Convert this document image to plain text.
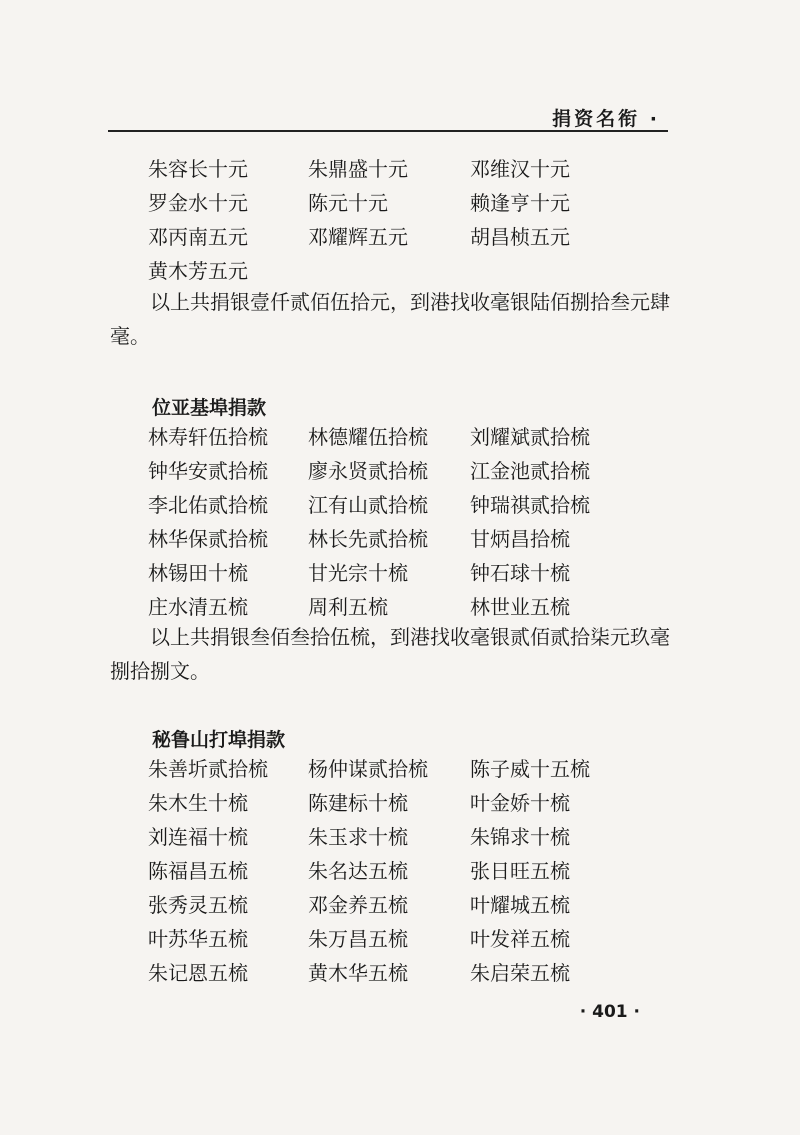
捐资名衔 ·
朱容长十元	朱鼎盛十元	邓维汉十元
罗金水十元	陈元十元	赖逢亨十元
邓丙南五元	邓耀辉五元	胡昌桢五元
黄木芳五元

以上共捐银壹仟贰佰伍拾元，到港找收毫银陆佰捌拾叁元肆毫。

位亚基埠捐款
林寿轩伍拾梳	林德耀伍拾梳	刘耀斌贰拾梳
钟华安贰拾梳	廖永贤贰拾梳	江金池贰拾梳
李北佑贰拾梳	江有山贰拾梳	钟瑞祺贰拾梳
林华保贰拾梳	林长先贰拾梳	甘炳昌拾梳
林锡田十梳	甘光宗十梳	钟石球十梳
庄水清五梳	周利五梳	林世业五梳

以上共捐银叁佰叁拾伍梳，到港找收毫银贰佰贰拾柒元玖毫捌拾捌文。

秘鲁山打埠捐款
朱善圻贰拾梳	杨仲谋贰拾梳	陈子威十五梳
朱木生十梳	陈建标十梳	叶金娇十梳
刘连福十梳	朱玉求十梳	朱锦求十梳
陈福昌五梳	朱名达五梳	张日旺五梳
张秀灵五梳	邓金养五梳	叶耀城五梳
叶苏华五梳	朱万昌五梳	叶发祥五梳
朱记恩五梳	黄木华五梳	朱启荣五梳
· 401 ·
